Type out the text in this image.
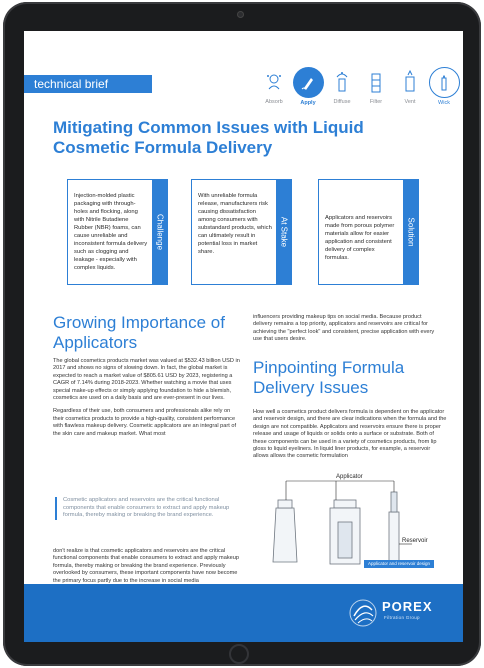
technical brief
Absorb	Apply	Diffuse	Filter	Vent	Wick
Mitigating Common Issues with Liquid
Cosmetic Formula Delivery
Injection-molded plastic packaging with through-holes and flocking, along with Nitrile Butadiene Rubber (NBR) foams, can cause unreliable and inconsistent formula delivery such as clogging and leakage - especially with complex liquids.
Challenge
With unreliable formula release, manufacturers risk causing dissatisfaction among consumers with substandard products, which can ultimately result in potential loss in market share.
At Stake	Applicators and reservoirs made from porous polymer materials allow for easier application and consistent delivery of complex formulas.
Solution
Growing Importance of
Applicators

The global cosmetics products market was valued at $532.43 billion USD in 2017 and shows no signs of slowing down. In fact, the global market is expected to reach a market value of $805.61 USD by 2023, registering a CAGR of 7.14% during 2018-2023. Whether watching a movie that uses special make-up effects or simply applying foundation to hide a blemish, cosmetics are used on a daily basis and are ever-present in our lives.

Regardless of their use, both consumers and professionals alike rely on their cosmetics products to provide a high-quality, consistent performance with flawless makeup delivery. Cosmetic applicators are an integral part of the skin care and makeup market. What most

Cosmetic applicators and reservoirs are the critical functional components that enable consumers to extract and apply makeup formula, thereby making or breaking the brand experience.

don't realize is that cosmetic applicators and reservoirs are the critical functional components that enable consumers to extract and apply makeup formula, thereby making or breaking the brand experience. Previously overlooked by consumers, these important components have now become the primary focus partly due to the increase in social media

influencers providing makeup tips on social media. Because product delivery remains a top priority, applicators and reservoirs are critical for achieving the "perfect look" and consistent, precise application with every use that users desire.

Pinpointing Formula
Delivery Issues

How well a cosmetics product delivers formula is dependent on the applicator and reservoir design, and there are clear indications when the formula and the design are not compatible. Applicators and reservoirs ensure there is proper release and usage of liquids or solids onto a surface or substrate. Both of these components can be used in a variety of cosmetics products, from lip gloss to liquid eyeliners. In liquid liner products, for example, a reservoir allows allows the cosmetic formulation

Applicator
Reservoir
Applicator and reservoir design types
POREX
Filtration Group
